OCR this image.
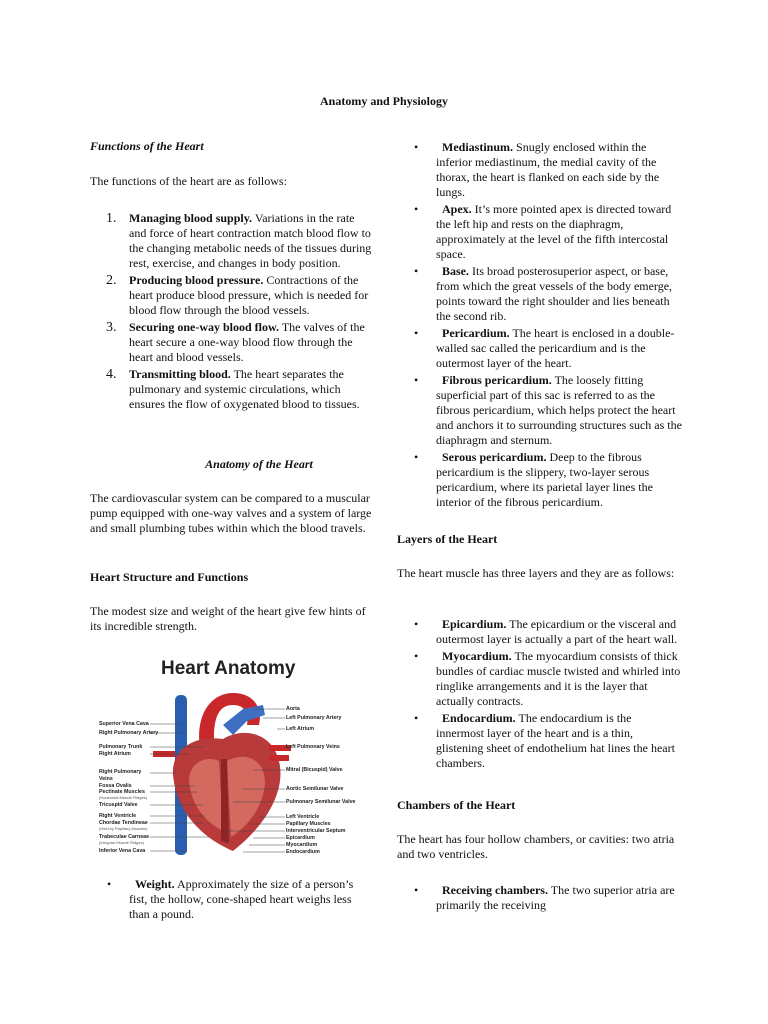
Anatomy and Physiology
Functions of the Heart
The functions of the heart are as follows:
1. Managing blood supply. Variations in the rate and force of heart contraction match blood flow to the changing metabolic needs of the tissues during rest, exercise, and changes in body position.
2. Producing blood pressure. Contractions of the heart produce blood pressure, which is needed for blood flow through the blood vessels.
3. Securing one-way blood flow. The valves of the heart secure a one-way blood flow through the heart and blood vessels.
4. Transmitting blood. The heart separates the pulmonary and systemic circulations, which ensures the flow of oxygenated blood to tissues.
Anatomy of the Heart

The cardiovascular system can be compared to a muscular pump equipped with one-way valves and a system of large and small plumbing tubes within which the blood travels.

Heart Structure and Functions

The modest size and weight of the heart give few hints of its incredible strength.

Heart Anatomy
Superior Vena Cava
Right Pulmonary Artery
Pulmonary Trunk
Right Atrium
Right Pulmonary
Veins
Fossa Ovalis
Pectinate Muscles
(Horizontal Muscle Ridges)
Tricuspid Valve
Right Ventricle
Chordae Tendineae
(Held by Papillary Muscles)
Trabeculae Carneae
(Irregular Muscle Ridges)
Inferior Vena Cava
Aorta
Left Pulmonary Artery
Left Atrium
Left Pulmonary Veins
Mitral (Bicuspid) Valve
Aortic Semilunar Valve
Pulmonary Semilunar Valve
Left Ventricle
Papillary Muscles
Interventricular Septum
Epicardium
Myocardium
Endocardium
• Weight. Approximately the size of a person’s fist, the hollow, cone-shaped heart weighs less than a pound.
• Mediastinum. Snugly enclosed within the inferior mediastinum, the medial cavity of the thorax, the heart is flanked on each side by the lungs.
• Apex. It’s more pointed apex is directed toward the left hip and rests on the diaphragm, approximately at the level of the fifth intercostal space.
• Base. Its broad posterosuperior aspect, or base, from which the great vessels of the body emerge, points toward the right shoulder and lies beneath the second rib.
• Pericardium. The heart is enclosed in a double-walled sac called the pericardium and is the outermost layer of the heart.
• Fibrous pericardium. The loosely fitting superficial part of this sac is referred to as the fibrous pericardium, which helps protect the heart and anchors it to surrounding structures such as the diaphragm and sternum.
• Serous pericardium. Deep to the fibrous pericardium is the slippery, two-layer serous pericardium, where its parietal layer lines the interior of the fibrous pericardium.
Layers of the Heart

The heart muscle has three layers and they are as follows:

• Epicardium. The epicardium or the visceral and outermost layer is actually a part of the heart wall.
• Myocardium. The myocardium consists of thick bundles of cardiac muscle twisted and whirled into ringlike arrangements and it is the layer that actually contracts.
• Endocardium. The endocardium is the innermost layer of the heart and is a thin, glistening sheet of endothelium hat lines the heart chambers.
Chambers of the Heart

The heart has four hollow chambers, or cavities: two atria and two ventricles.

• Receiving chambers. The two superior atria are primarily the receiving
